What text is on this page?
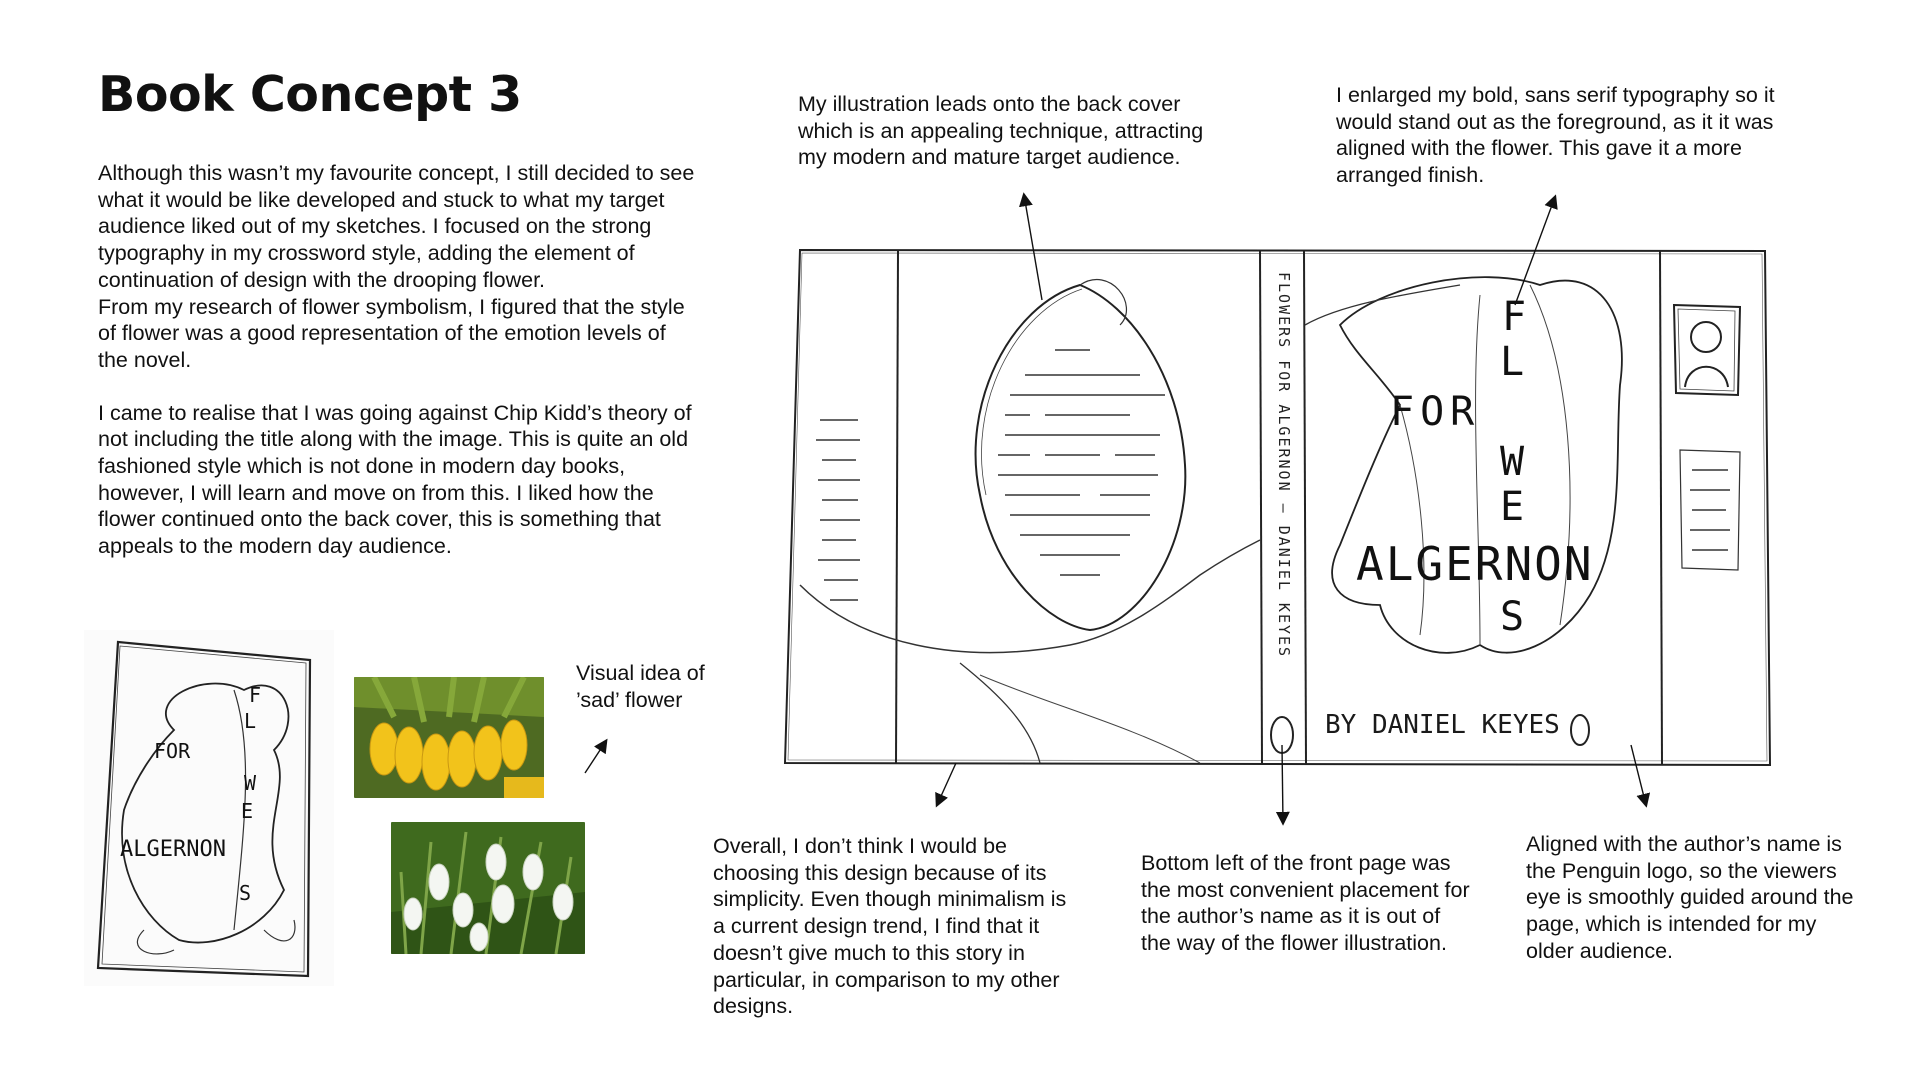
Book Concept 3

Although this wasn’t my favourite concept, I still decided to see what it would be like developed and stuck to what my target audience liked out of my sketches. I focused on the strong typography in my crossword style, adding the element of continuation of design with the drooping flower.

From my research of flower symbolism, I figured that the style of flower was a good representation of the emotion levels of the novel.

I came to realise that I was going against Chip Kidd’s theory of not including the title along with the image. This is quite an old fashioned style which is not done in modern day books, however, I will learn and move on from this. I liked how the flower continued onto the back cover, this is something that appeals to the modern day audience.

F
L
FOR
W
E
ALGERNON
S
FLOWERS FOR ALGERNON – DANIEL KEYES	F
L
FOR
W
E
ALGERNON
S
BY DANIEL KEYES
My illustration leads onto the back cover which is an appealing technique, attracting my modern and mature target audience.
I enlarged my bold, sans serif typography so it would stand out as the foreground, as it it was aligned with the flower. This gave it a more arranged finish.
Overall, I don’t think I would be choosing this design because of its simplicity. Even though minimalism is a current design trend, I find that it doesn’t give much to this story in particular, in comparison to my other designs.
Bottom left of the front page was the most convenient placement for the author’s name as it is out of the way of the flower illustration.
Aligned with the author’s name is the Penguin logo, so the viewers eye is smoothly guided around the page, which is intended for my older audience.
Visual idea of ’sad’ flower
